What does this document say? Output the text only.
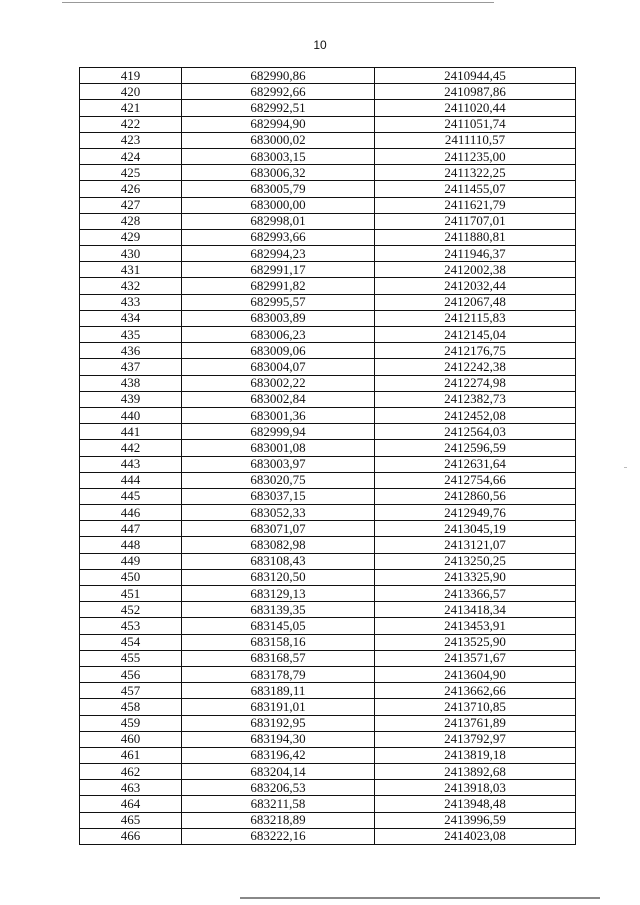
10
419	682990,86	2410944,45
420	682992,66	2410987,86
421	682992,51	2411020,44
422	682994,90	2411051,74
423	683000,02	2411110,57
424	683003,15	2411235,00
425	683006,32	2411322,25
426	683005,79	2411455,07
427	683000,00	2411621,79
428	682998,01	2411707,01
429	682993,66	2411880,81
430	682994,23	2411946,37
431	682991,17	2412002,38
432	682991,82	2412032,44
433	682995,57	2412067,48
434	683003,89	2412115,83
435	683006,23	2412145,04
436	683009,06	2412176,75
437	683004,07	2412242,38
438	683002,22	2412274,98
439	683002,84	2412382,73
440	683001,36	2412452,08
441	682999,94	2412564,03
442	683001,08	2412596,59
443	683003,97	2412631,64
444	683020,75	2412754,66
445	683037,15	2412860,56
446	683052,33	2412949,76
447	683071,07	2413045,19
448	683082,98	2413121,07
449	683108,43	2413250,25
450	683120,50	2413325,90
451	683129,13	2413366,57
452	683139,35	2413418,34
453	683145,05	2413453,91
454	683158,16	2413525,90
455	683168,57	2413571,67
456	683178,79	2413604,90
457	683189,11	2413662,66
458	683191,01	2413710,85
459	683192,95	2413761,89
460	683194,30	2413792,97
461	683196,42	2413819,18
462	683204,14	2413892,68
463	683206,53	2413918,03
464	683211,58	2413948,48
465	683218,89	2413996,59
466	683222,16	2414023,08
